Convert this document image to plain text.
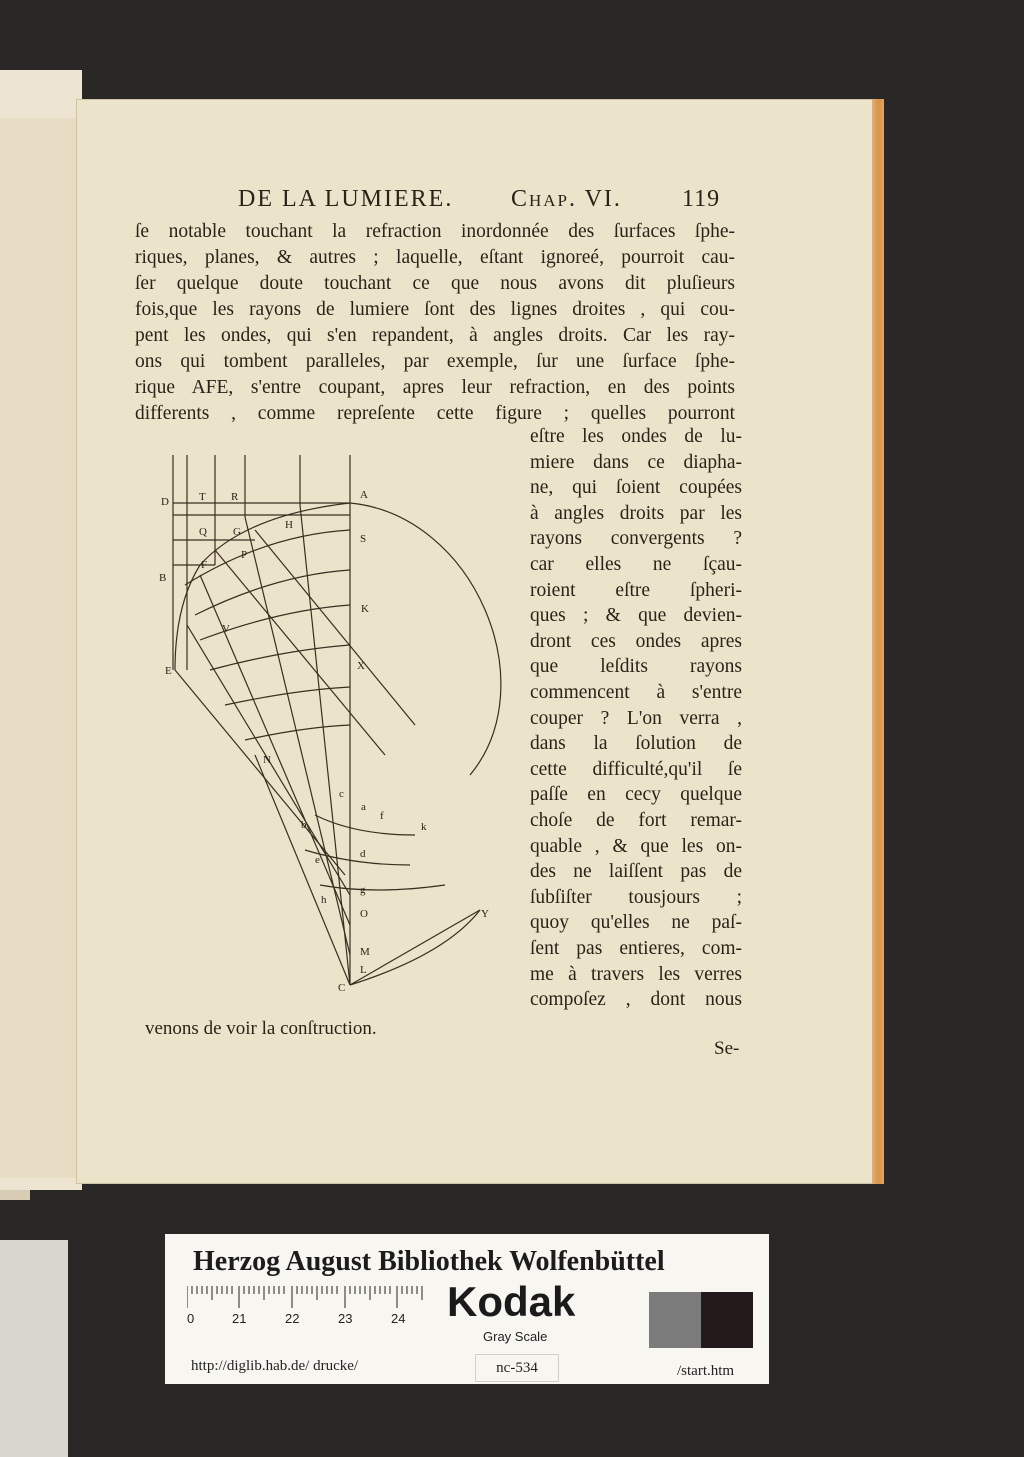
DE LA LUMIERE. Chap. VI.	119
ſe notable touchant la refraction inordonnée des ſurfaces ſphe-
riques, planes, & autres ; laquelle, eſtant ignoreé, pourroit cau-
ſer quelque doute touchant ce que nous avons dit pluſieurs
fois,que les rayons de lumiere ſont des lignes droites , qui cou-
pent les ondes, qui s'en repandent, à angles droits. Car les ray-
ons qui tombent paralleles, par exemple, ſur une ſurface ſphe-
rique AFE, s'entre coupant, apres leur refraction, en des points
differents , comme repreſente cette figure ; quelles pourront
eſtre les ondes de lu-
miere dans ce diapha-
ne, qui ſoient coupées
à angles droits par les
rayons convergents ?
car elles ne ſçau-
roient eſtre ſpheri-
ques ; & que devien-
dront ces ondes apres
que leſdits rayons
commencent à s'entre
couper ? L'on verra ,
dans la ſolution de
cette difficulté,qu'il ſe
paſſe en cecy quelque
choſe de fort remar-
quable , & que les on-
des ne laiſſent pas de
ſubſiſter tousjours ;
quoy qu'elles ne paſ-
ſent pas entieres, com-
me à travers les verres
compoſez , dont nous
venons de voir la conſtruction.
Se-
D	T R	A
Q G
H
S
P
F
B
K
V
E	X
N
c
a
f
b	k
d
e
g
h
O	Y
M
L
C
Herzog August Bibliothek Wolfenbüttel
0	21	22	23	24 Kodak
Gray Scale
http://diglib.hab.de/ drucke/	nc-534	/start.htm
